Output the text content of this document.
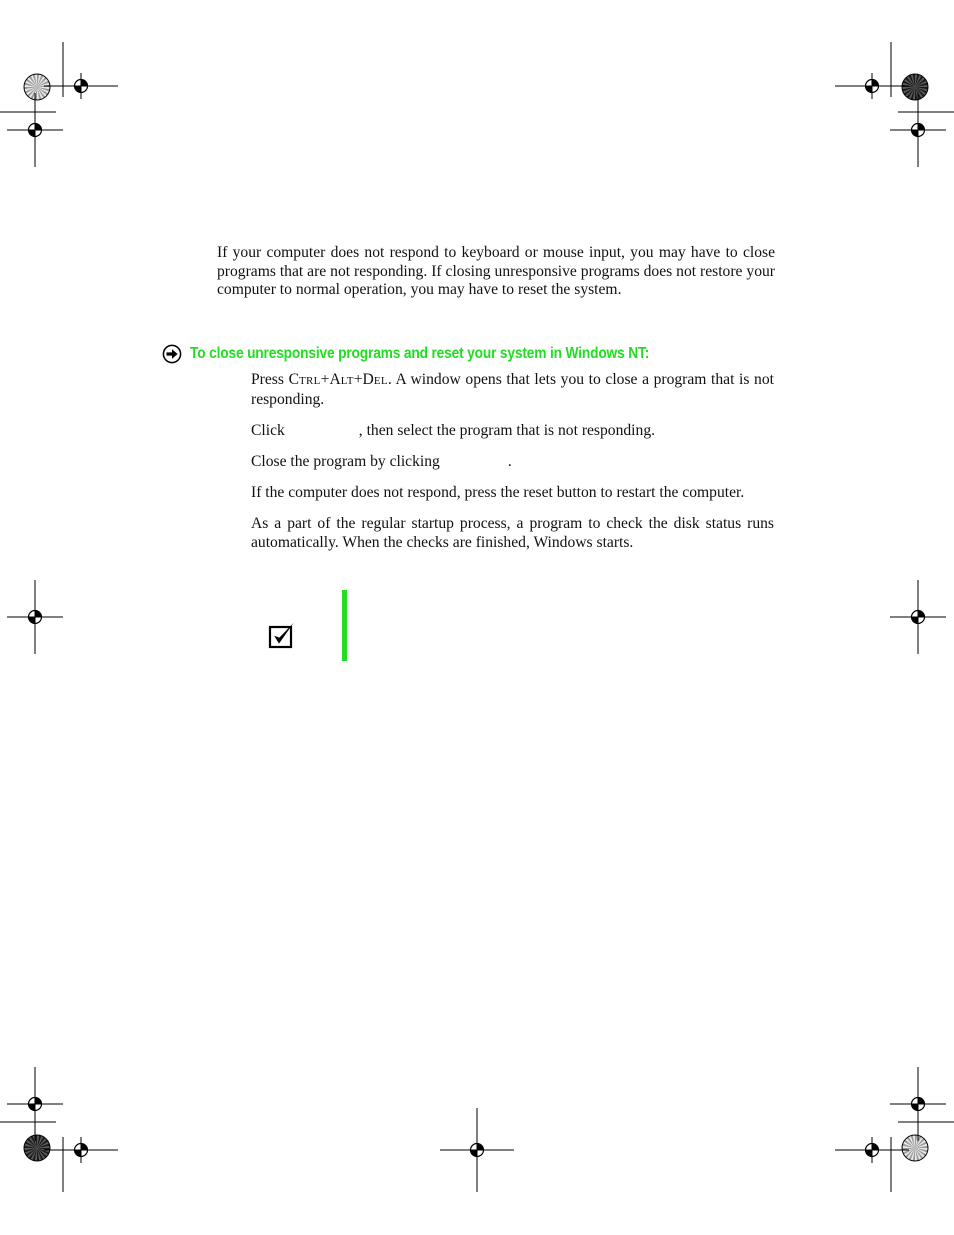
If your computer does not respond to keyboard or mouse input, you may have to close programs that are not responding. If closing unresponsive programs does not restore your computer to normal operation, you may have to reset the system.

To close unresponsive programs and reset your system in Windows NT:
Press CTRL+ALT+DEL. A window opens that lets you to close a program that is not responding.
Click	, then select the program that is not responding.
Close the program by clicking	.
If the computer does not respond, press the reset button to restart the computer.
As a part of the regular startup process, a program to check the disk status runs automatically. When the checks are finished, Windows starts.
